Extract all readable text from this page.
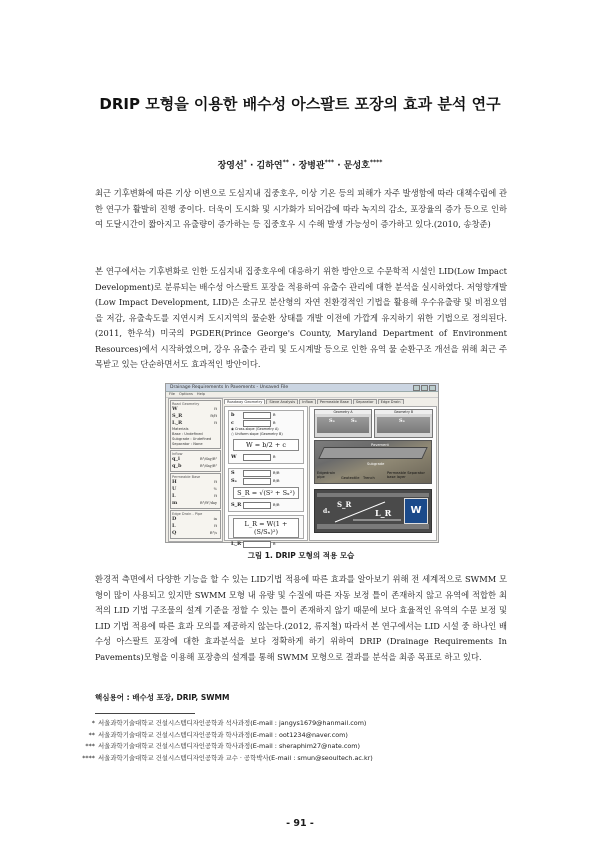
DRIP 모형을 이용한 배수성 아스팔트 포장의 효과 분석 연구
장영선* · 김하연** · 장병관*** · 문성호****

최근 기후변화에 따른 기상 이변으로 도심지내 집중호우, 이상 기온 등의 피해가 자주 발생함에 따라 대책수립에 관한 연구가 활발히 진행 중이다. 더욱이 도시화 및 시가화가 되어감에 따라 녹지의 감소, 포장율의 증가 등으로 인하여 도달시간이 짧아지고 유출량이 증가하는 등 집중호우 시 수해 발생 가능성이 증가하고 있다.(2010, 송창준)

본 연구에서는 기후변화로 인한 도심지내 집중호우에 대응하기 위한 방안으로 수문학적 시설인 LID(Low Impact Development)로 분류되는 배수성 아스팔트 포장을 적용하여 유출수 관리에 대한 분석을 실시하였다. 저영향개발(Low Impact Development, LID)은 소규모 분산형의 자연 친환경적인 기법을 활용해 우수유출량 및 비점오염을 저감, 유출속도를 지연시켜 도시지역의 물순환 상태를 개발 이전에 가깝게 유지하기 위한 기법으로 정의된다.(2011, 한우석) 미국의 PGDER(Prince George's County, Maryland Department of Environment Resources)에서 시작하였으며, 강우 유출수 관리 및 도시계발 등으로 인한 유역 물 순환구조 개선을 위해 최근 주목받고 있는 단순하면서도 효과적인 방안이다.

Drainage Requirements In Pavements - Unsaved File
File Options Help
Road Geometry
W	ft
S_R	ft/ft
L_R	ft
Materials
Base : Undefined
Subgrade : Undefined
Separator : None
Inflow
q_i	ft³/day/ft²
q_b	ft³/day/ft²
Permeable Base
H	ft
U	%
L	ft
m	ft³/ft²/day
Edge Drain - Pipe
D	in
L	ft
Q	ft³/s
Roadway Geometry Sieve Analysis Inflow Permeable Base Separator Edge Drain
b	ft
c	ft
◉ Cross-slope (Geometry A)
○ Uniform slope (Geometry B)
W = b/2 + c
W	ft
S	ft/ft
Sₓ	ft/ft
S_R = √(S² + Sₓ²)
S_R	ft/ft
L_R = W(1 + (S/Sₓ)²)
L_R	ft
Geometry A
Sₓ	Sₓ
Geometry B
Sₓ
Pavement
Subgrade
Edgedrain pipe	Geotextile Trench
Permeable Separator base layer
dₓ
S_R
L_R	W
그림 1. DRIP 모형의 적용 모습

환경적 측면에서 다양한 기능을 할 수 있는 LID기법 적용에 따른 효과를 알아보기 위해 전 세계적으로 SWMM 모형이 많이 사용되고 있지만 SWMM 모형 내 유량 및 수질에 따른 자동 보정 틀이 존재하지 않고 유역에 적합한 최적의 LID 기법 구조물의 설계 기준을 정할 수 있는 틀이 존재하지 않기 때문에 보다 효율적인 유역의 수문 보정 및 LID 기법 적용에 따른 효과 모의를 제공하지 않는다.(2012, 류지철) 따라서 본 연구에서는 LID 시설 중 하나인 배수성 아스팔트 포장에 대한 효과분석을 보다 정확하게 하기 위하여 DRIP (Drainage Requirements In Pavements)모형을 이용해 포장층의 설계를 통해 SWMM 모형으로 결과를 분석을 최종 목표로 하고 있다.

핵심용어 : 배수성 포장, DRIP, SWMM
* 서울과학기술대학교 건설시스템디자인공학과 석사과정(E-mail : jangys1679@hanmail.com)
** 서울과학기술대학교 건설시스템디자인공학과 학사과정(E-mail : oot1234@naver.com)
*** 서울과학기술대학교 건설시스템디자인공학과 학사과정(E-mail : sheraphim27@nate.com)
**** 서울과학기술대학교 건설시스템디자인공학과 교수 · 공학박사(E-mail : smun@seoultech.ac.kr)
- 91 -
